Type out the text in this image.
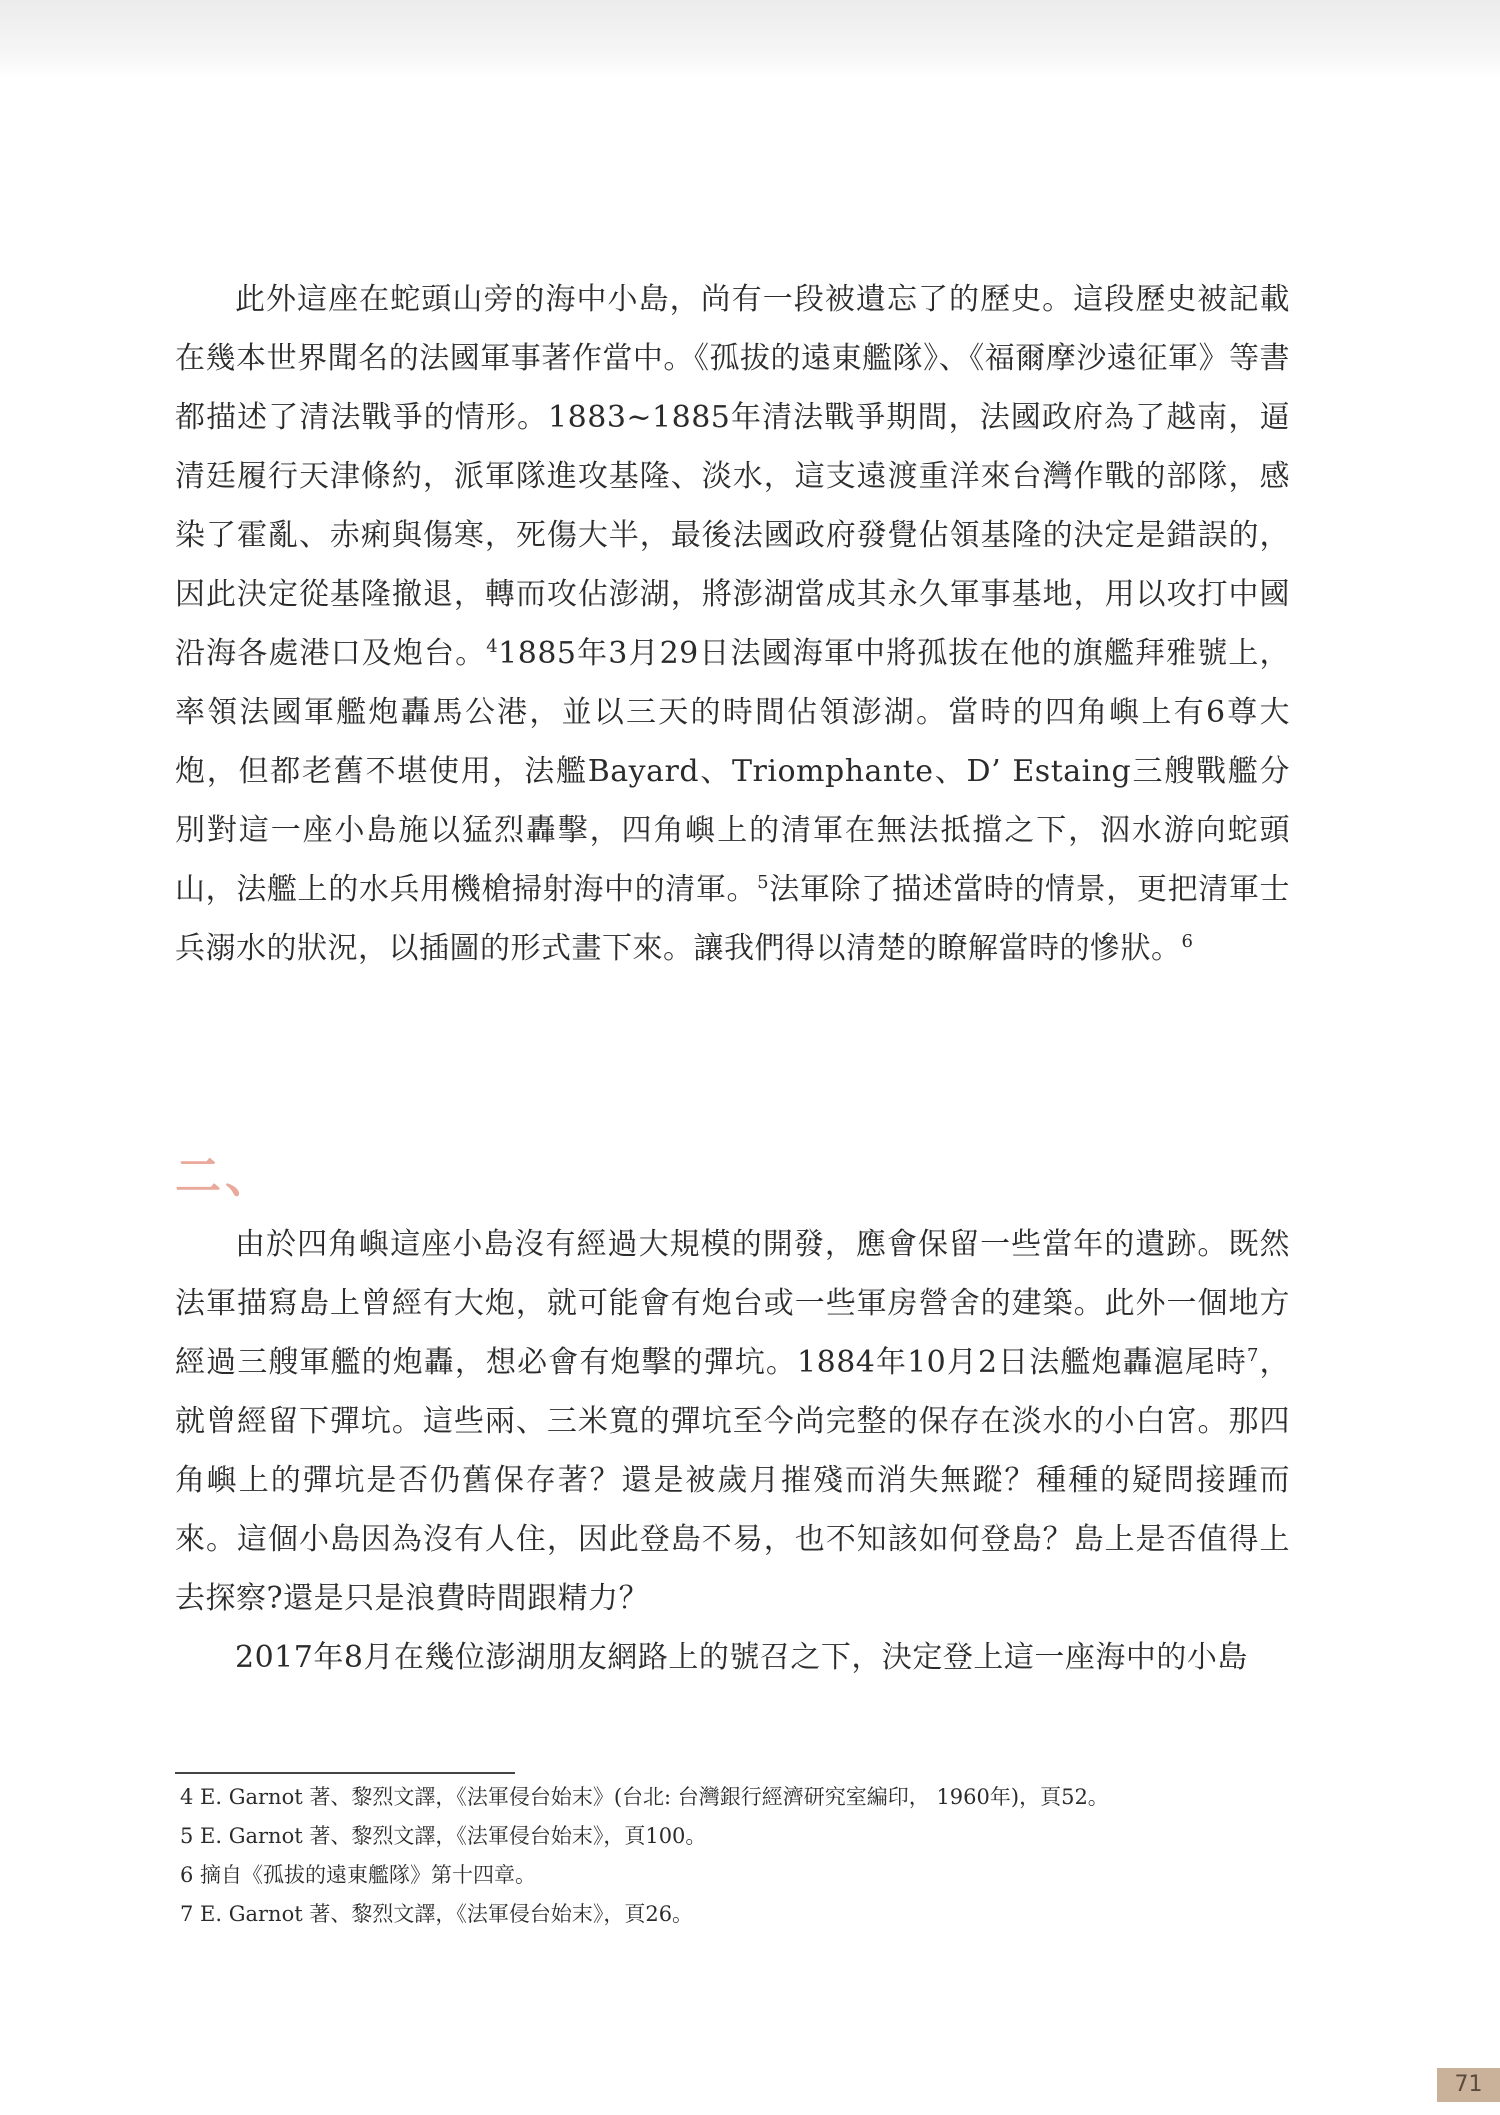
此外這座在蛇頭山旁的海中小島，尚有一段被遺忘了的歷史。這段歷史被記載在幾本世界聞名的法國軍事著作當中。《孤拔的遠東艦隊》、《福爾摩沙遠征軍》等書都描述了清法戰爭的情形。1883~1885年清法戰爭期間，法國政府為了越南，逼清廷履行天津條約，派軍隊進攻基隆、淡水，這支遠渡重洋來台灣作戰的部隊，感染了霍亂、赤痢與傷寒，死傷大半，最後法國政府發覺佔領基隆的決定是錯誤的，因此決定從基隆撤退，轉而攻佔澎湖，將澎湖當成其永久軍事基地，用以攻打中國沿海各處港口及炮台。$^4$1885年3月29日法國海軍中將孤拔在他的旗艦拜雅號上，率領法國軍艦炮轟馬公港，並以三天的時間佔領澎湖。當時的四角嶼上有6尊大炮，但都老舊不堪使用，法艦Bayard、Triomphante、D’ Estaing三艘戰艦分別對這一座小島施以猛烈轟擊，四角嶼上的清軍在無法抵擋之下，泅水游向蛇頭山，法艦上的水兵用機槍掃射海中的清軍。$^5$法軍除了描述當時的情景，更把清軍士兵溺水的狀況，以插圖的形式畫下來。讓我們得以清楚的瞭解當時的慘狀。$^6$

二、

由於四角嶼這座小島沒有經過大規模的開發，應會保留一些當年的遺跡。既然法軍描寫島上曾經有大炮，就可能會有炮台或一些軍房營舍的建築。此外一個地方經過三艘軍艦的炮轟，想必會有炮擊的彈坑。1884年10月2日法艦炮轟滬尾時$^7$，就曾經留下彈坑。這些兩、三米寬的彈坑至今尚完整的保存在淡水的小白宮。那四角嶼上的彈坑是否仍舊保存著？還是被歲月摧殘而消失無蹤？種種的疑問接踵而來。這個小島因為沒有人住，因此登島不易，也不知該如何登島？島上是否值得上去探察?還是只是浪費時間跟精力？

2017年8月在幾位澎湖朋友網路上的號召之下，決定登上這一座海中的小島

4 E. Garnot 著、黎烈文譯，《法軍侵台始末》(台北: 台灣銀行經濟研究室編印， 1960年)，頁52。

5 E. Garnot 著、黎烈文譯，《法軍侵台始末》，頁100。

6 摘自《孤拔的遠東艦隊》第十四章。

7 E. Garnot 著、黎烈文譯，《法軍侵台始末》，頁26。

71
